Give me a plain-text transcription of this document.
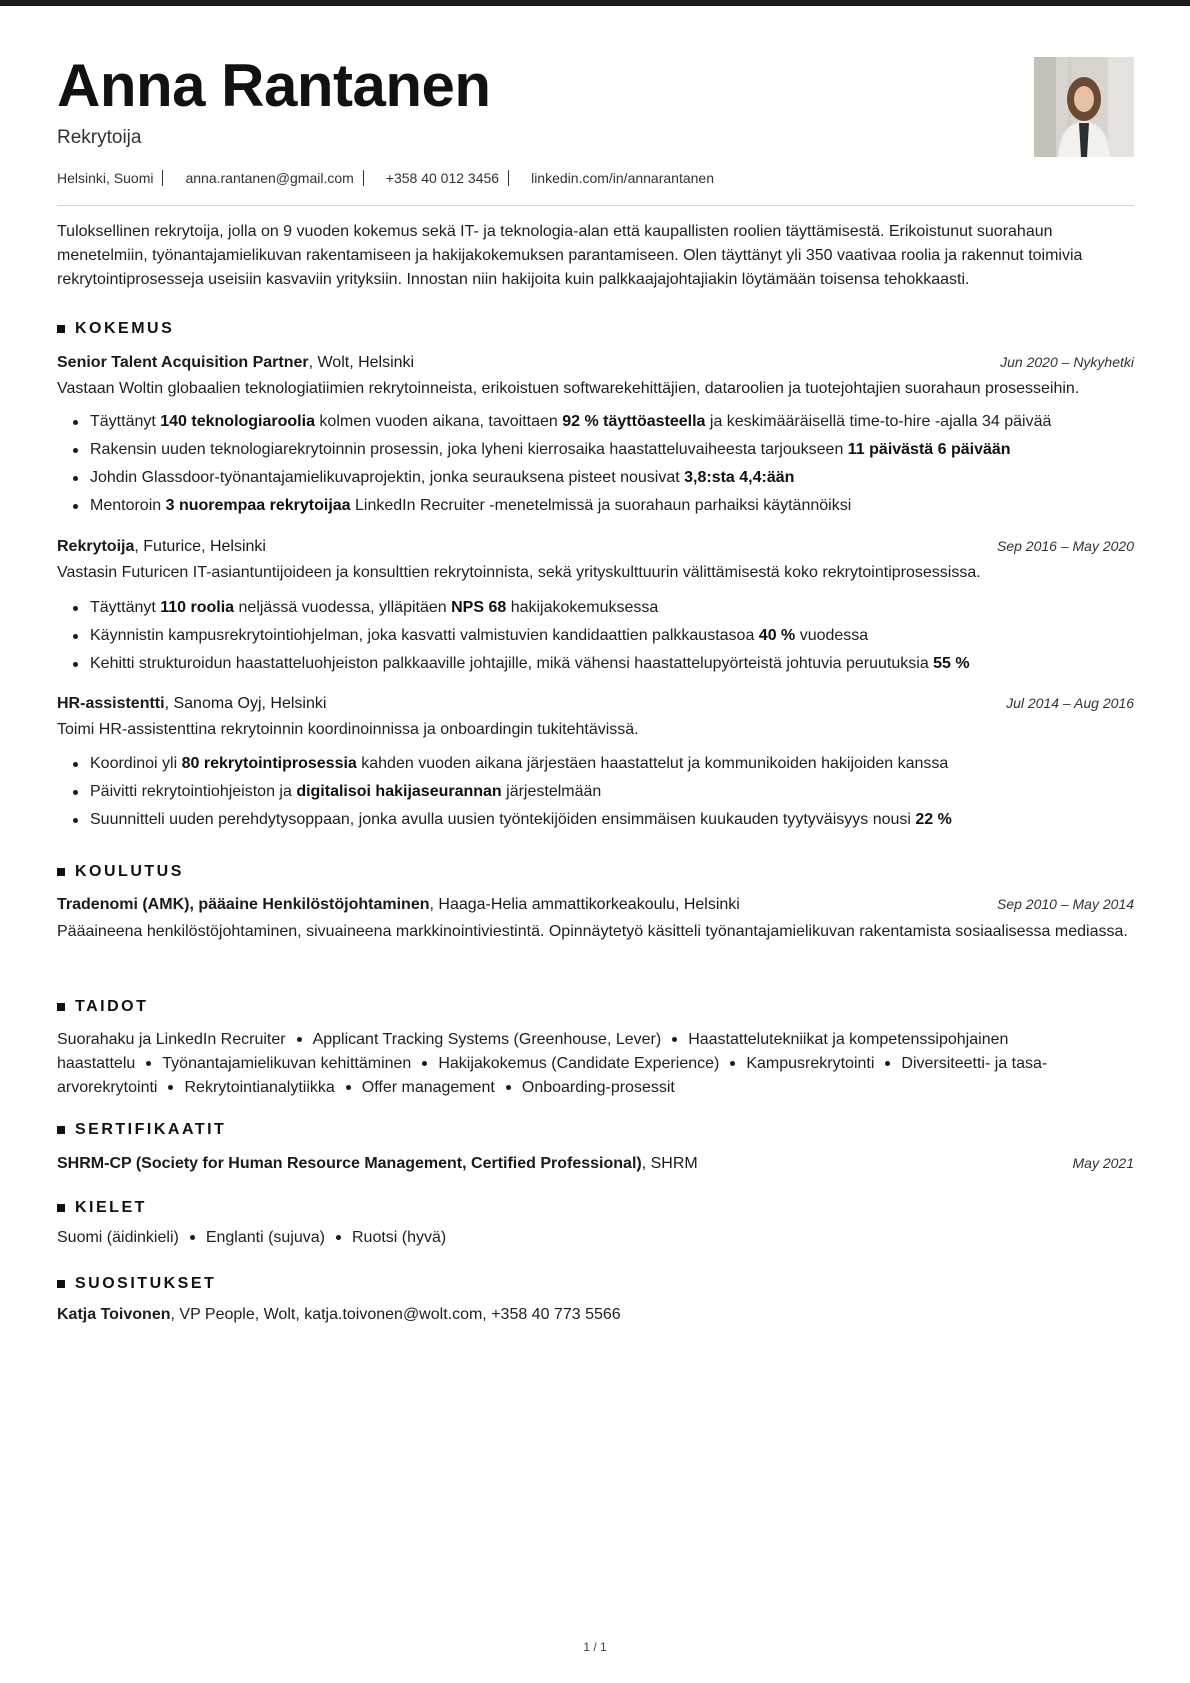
Anna Rantanen
Rekrytoija
Helsinki, Suomi anna.rantanen@gmail.com +358 40 012 3456 linkedin.com/in/annarantanen

Tuloksellinen rekrytoija, jolla on 9 vuoden kokemus sekä IT- ja teknologia-alan että kaupallisten roolien täyttämisestä. Erikoistunut suorahaun menetelmiin, työnantajamielikuvan rakentamiseen ja hakijakokemuksen parantamiseen. Olen täyttänyt yli 350 vaativaa roolia ja rakennut toimivia rekrytointiprosesseja useisiin kasvaviin yrityksiin. Innostan niin hakijoita kuin palkkaajajohtajiakin löytämään toisensa tehokkaasti.

KOKEMUS
Senior Talent Acquisition Partner, Wolt, Helsinki	Jun 2020 – Nykyhetki
Vastaan Woltin globaalien teknologiatiimien rekrytoinneista, erikoistuen softwarekehittäjien, dataroolien ja tuotejohtajien suorahaun prosesseihin.
Täyttänyt 140 teknologiaroolia kolmen vuoden aikana, tavoittaen 92 % täyttöasteella ja keskimääräisellä time-to-hire -ajalla 34 päivää
Rakensin uuden teknologiarekrytoinnin prosessin, joka lyheni kierrosaika haastatteluvaiheesta tarjoukseen 11 päivästä 6 päivään
Johdin Glassdoor-työnantajamielikuvaprojektin, jonka seurauksena pisteet nousivat 3,8:sta 4,4:ään
Mentoroin 3 nuorempaa rekrytoijaa LinkedIn Recruiter -menetelmissä ja suorahaun parhaiksi käytännöiksi
Rekrytoija, Futurice, Helsinki	Sep 2016 – May 2020
Vastasin Futuricen IT-asiantuntijoideen ja konsulttien rekrytoinnista, sekä yrityskulttuurin välittämisestä koko rekrytointiprosessissa.
Täyttänyt 110 roolia neljässä vuodessa, ylläpitäen NPS 68 hakijakokemuksessa
Käynnistin kampusrekrytointiohjelman, joka kasvatti valmistuvien kandidaattien palkkaustasoa 40 % vuodessa
Kehitti strukturoidun haastatteluohjeiston palkkaaville johtajille, mikä vähensi haastattelupyörteistä johtuvia peruutuksia 55 %
HR-assistentti, Sanoma Oyj, Helsinki	Jul 2014 – Aug 2016
Toimi HR-assistenttina rekrytoinnin koordinoinnissa ja onboardingin tukitehtävissä.
Koordinoi yli 80 rekrytointiprosessia kahden vuoden aikana järjestäen haastattelut ja kommunikoiden hakijoiden kanssa
Päivitti rekrytointiohjeiston ja digitalisoi hakijaseurannan järjestelmään
Suunnitteli uuden perehdytysoppaan, jonka avulla uusien työntekijöiden ensimmäisen kuukauden tyytyväisyys nousi 22 %
KOULUTUS
Tradenomi (AMK), pääaine Henkilöstöjohtaminen, Haaga-Helia ammattikorkeakoulu, Helsinki	Sep 2010 – May 2014
Pääaineena henkilöstöjohtaminen, sivuaineena markkinointiviestintä. Opinnäytetyö käsitteli työnantajamielikuvan rakentamista sosiaalisessa mediassa.
TAIDOT
Suorahaku ja LinkedIn Recruiter Applicant Tracking Systems (Greenhouse, Lever) Haastattelutekniikat ja kompetenssipohjainen haastattelu Työnantajamielikuvan kehittäminen Hakijakokemus (Candidate Experience) Kampusrekrytointi Diversiteetti- ja tasa-arvorekrytointi Rekrytointianalytiikka Offer management Onboarding-prosessit
SERTIFIKAATIT
SHRM-CP (Society for Human Resource Management, Certified Professional), SHRM	May 2021
KIELET
Suomi (äidinkieli) Englanti (sujuva) Ruotsi (hyvä)
SUOSITUKSET
Katja Toivonen, VP People, Wolt, katja.toivonen@wolt.com, +358 40 773 5566
1 / 1
